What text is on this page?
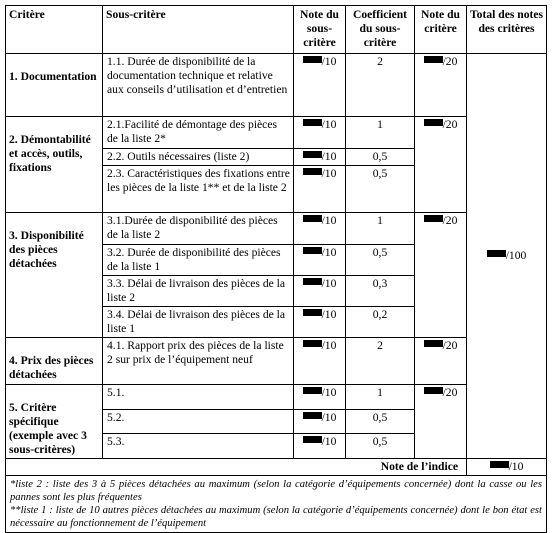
Critère	Sous-critère	Note du sous-critère	Coefficient du sous-critère	Note du critère	Total des notes des critères
1. Documentation	1.1. Durée de disponibilité de la documentation technique et relative aux conseils d’utilisation et d’entretien	/10	2	/20	/100
2. Démontabilité et accès, outils, fixations	2.1.Facilité de démontage des pièces de la liste 2*	/10	1	/20	
	2.2. Outils nécessaires (liste 2)	/10	0,5		
	2.3. Caractéristiques des fixations entre les pièces de la liste 1** et de la liste 2	/10	0,5		
3. Disponibilité des pièces détachées	3.1.Durée de disponibilité des pièces de la liste 2	/10	1	/20	
	3.2. Durée de disponibilité des pièces de la liste 1	/10	0,5		
	3.3. Délai de livraison des pièces de la liste 2	/10	0,3		
	3.4. Délai de livraison des pièces de la liste 1	/10	0,2		
4. Prix des pièces détachées	4.1. Rapport prix des pièces de la liste 2 sur prix de l’équipement neuf	/10	2	/20	
5. Critère spécifique (exemple avec 3 sous-critères)	5.1.	/10	1	/20	
	5.2.	/10	0,5		
	5.3.	/10	0,5		
Note de l’indice					/10

*liste 2 : liste des 3 à 5 pièces détachées au maximum (selon la catégorie d’équipements concernée) dont la casse ou les pannes sont les plus fréquentes

**liste 1 : liste de 10 autres pièces détachées au maximum (selon la catégorie d’équipements concernée) dont le bon état est nécessaire au fonctionnement de l’équipement					
